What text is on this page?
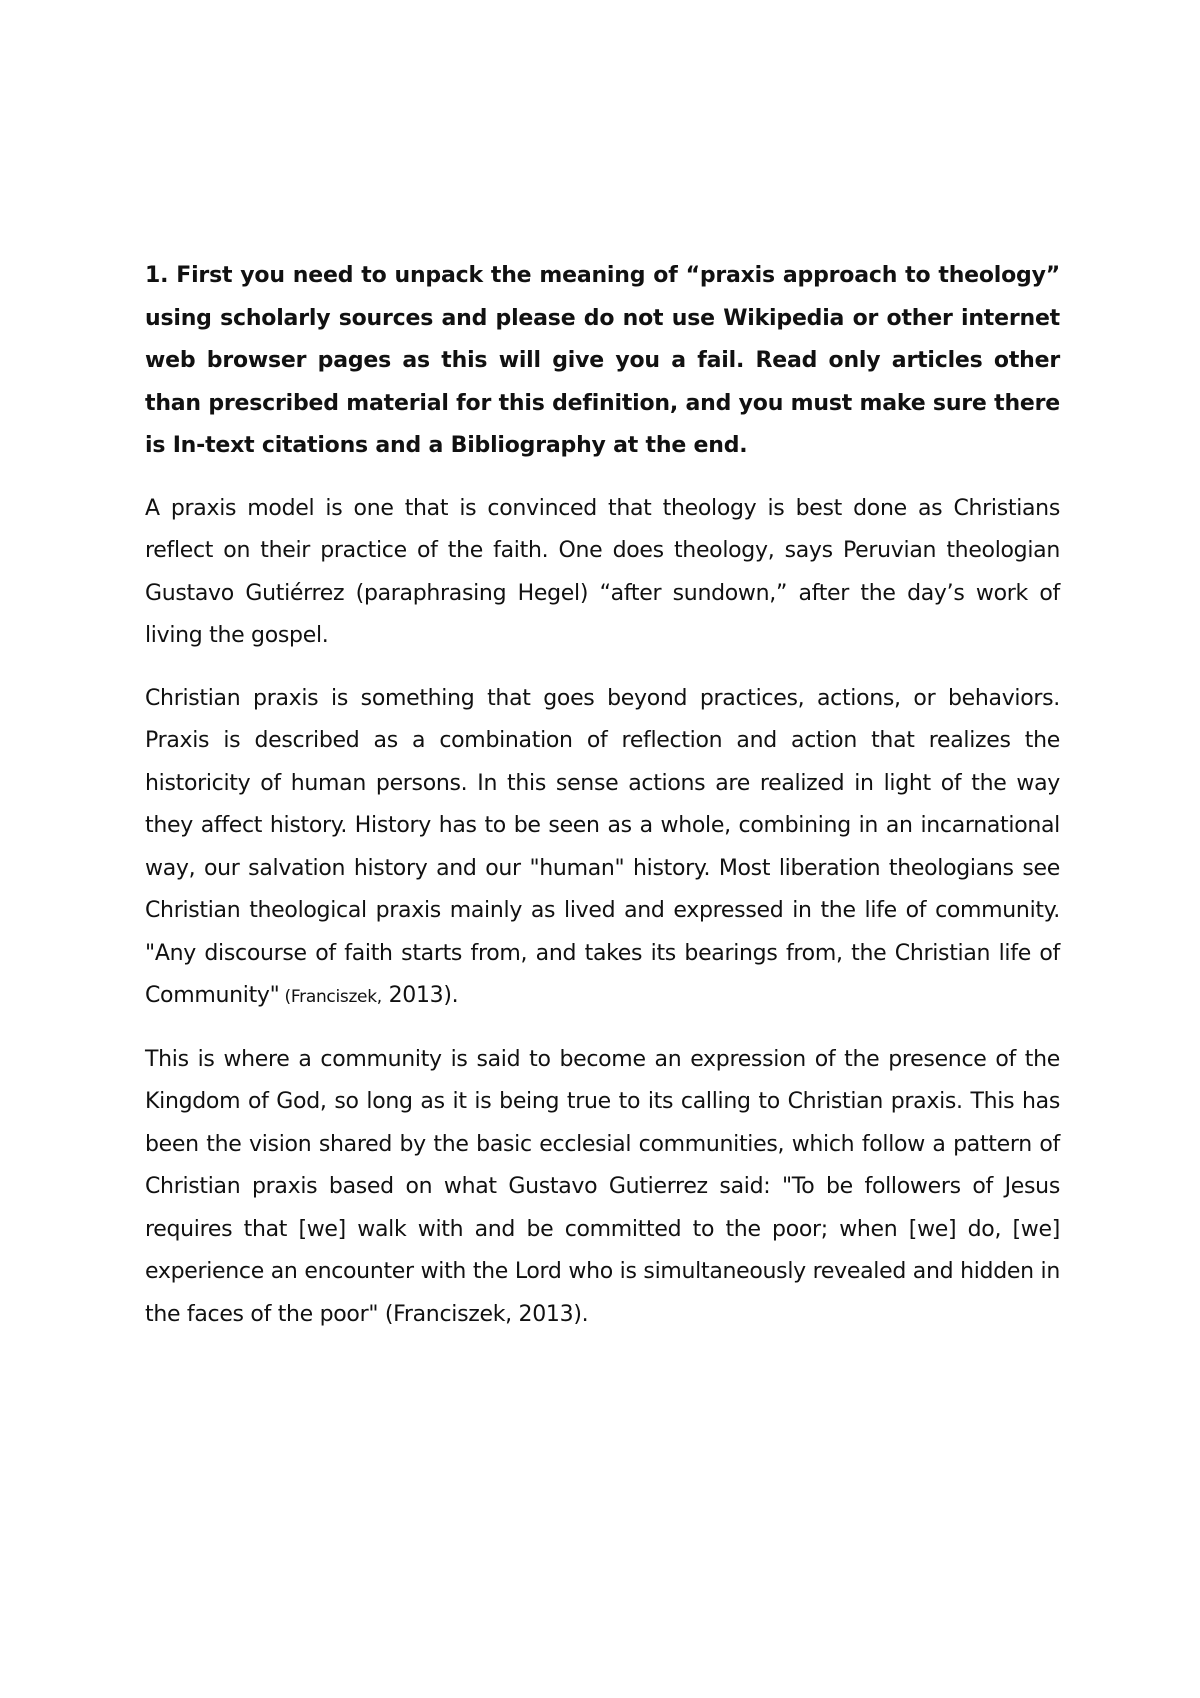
1. First you need to unpack the meaning of “praxis approach to theology” using scholarly sources and please do not use Wikipedia or other internet web browser pages as this will give you a fail. Read only articles other than prescribed material for this definition, and you must make sure there is In-text citations and a Bibliography at the end.

A praxis model is one that is convinced that theology is best done as Christians reflect on their practice of the faith. One does theology, says Peruvian theologian Gustavo Gutiérrez (paraphrasing Hegel) “after sundown,” after the day’s work of living the gospel.

Christian praxis is something that goes beyond practices, actions, or behaviors. Praxis is described as a combination of reflection and action that realizes the historicity of human persons. In this sense actions are realized in light of the way they affect history. History has to be seen as a whole, combining in an incarnational way, our salvation history and our "human" history. Most liberation theologians see Christian theological praxis mainly as lived and expressed in the life of community. "Any discourse of faith starts from, and takes its bearings from, the Christian life of Community" (Franciszek, 2013).

This is where a community is said to become an expression of the presence of the Kingdom of God, so long as it is being true to its calling to Christian praxis. This has been the vision shared by the basic ecclesial communities, which follow a pattern of Christian praxis based on what Gustavo Gutierrez said: "To be followers of Jesus requires that [we] walk with and be committed to the poor; when [we] do, [we] experience an encounter with the Lord who is simultaneously revealed and hidden in the faces of the poor" (Franciszek, 2013).
